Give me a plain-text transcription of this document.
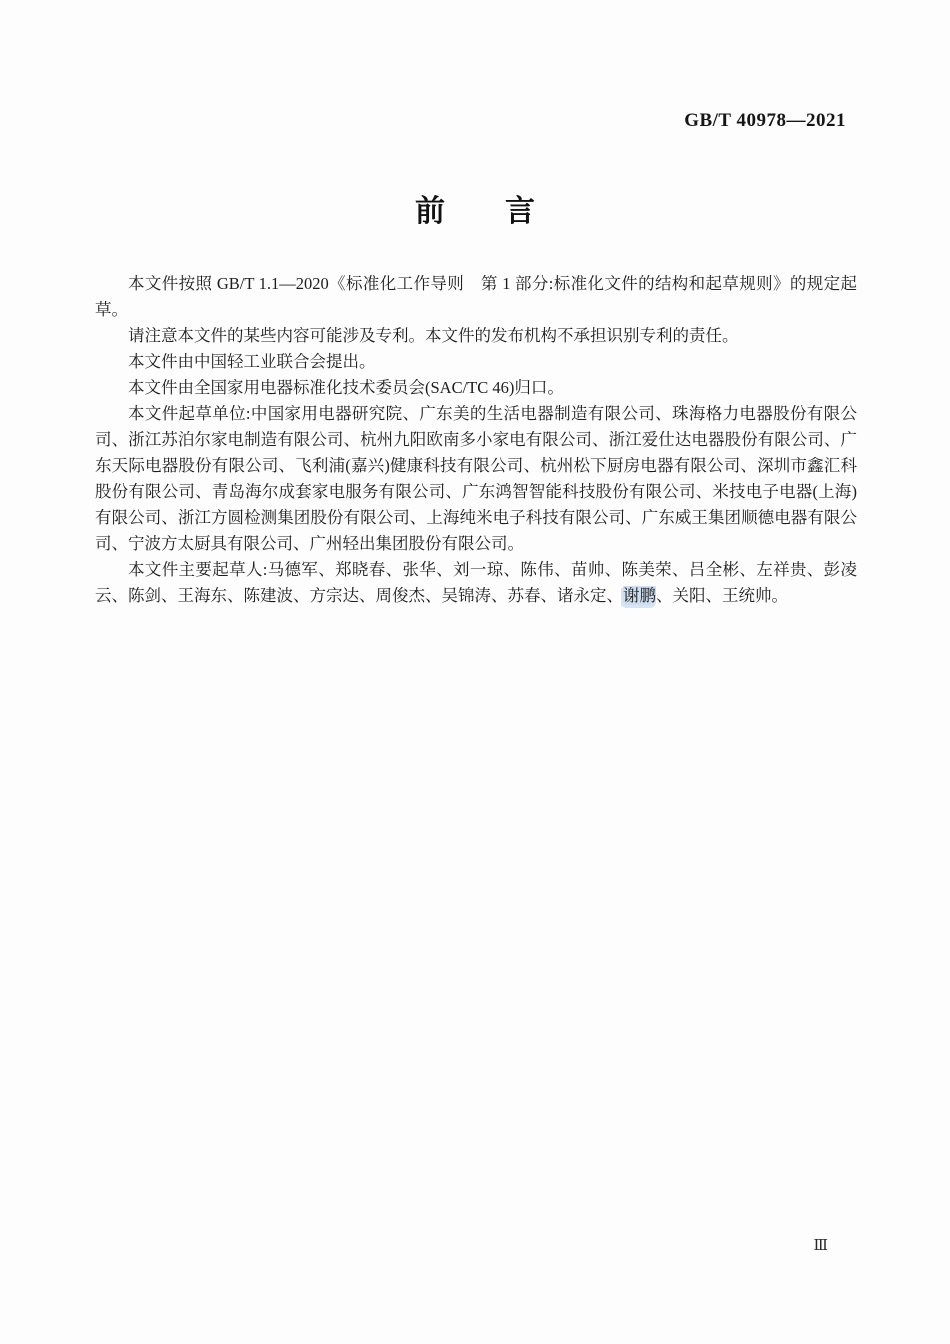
GB/T 40978—2021
前　　言

本文件按照 GB/T 1.1—2020《标准化工作导则　第 1 部分:标准化文件的结构和起草规则》的规定起草。

请注意本文件的某些内容可能涉及专利。本文件的发布机构不承担识别专利的责任。

本文件由中国轻工业联合会提出。

本文件由全国家用电器标准化技术委员会(SAC/TC 46)归口。

本文件起草单位:中国家用电器研究院、广东美的生活电器制造有限公司、珠海格力电器股份有限公司、浙江苏泊尔家电制造有限公司、杭州九阳欧南多小家电有限公司、浙江爱仕达电器股份有限公司、广东天际电器股份有限公司、飞利浦(嘉兴)健康科技有限公司、杭州松下厨房电器有限公司、深圳市鑫汇科股份有限公司、青岛海尔成套家电服务有限公司、广东鸿智智能科技股份有限公司、米技电子电器(上海)有限公司、浙江方圆检测集团股份有限公司、上海纯米电子科技有限公司、广东威王集团顺德电器有限公司、宁波方太厨具有限公司、广州轻出集团股份有限公司。

本文件主要起草人:马德军、郑晓春、张华、刘一琼、陈伟、苗帅、陈美荣、吕全彬、左祥贵、彭凌云、陈剑、王海东、陈建波、方宗达、周俊杰、吴锦涛、苏春、诸永定、谢鹏、关阳、王统帅。

Ⅲ
